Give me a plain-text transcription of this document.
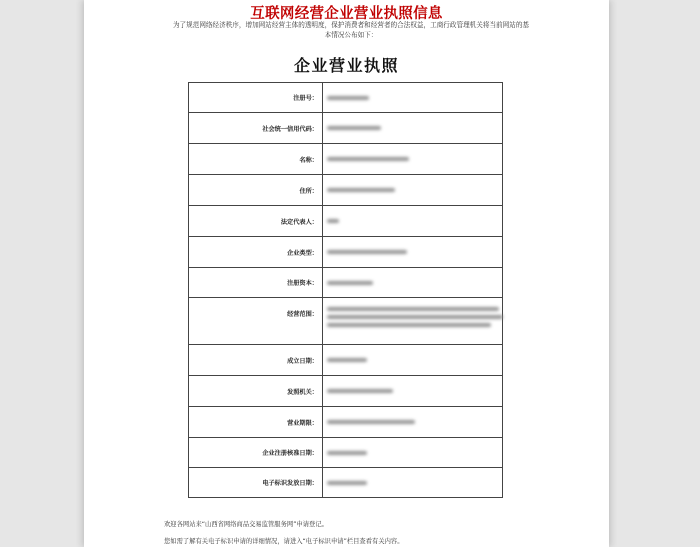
互联网经营企业营业执照信息
为了规范网络经济秩序，增加网站经营主体的透明度，保护消费者和经营者的合法权益，工商行政管理机关将当前网站的基本情况公布如下：
企业营业执照
注册号：	

社会统一信用代码：	

名称：	

住所：	

法定代表人：	

企业类型：	

注册资本：	

经营范围：	

成立日期：	

发照机关：	

营业期限：	

企业注册核准日期：	

电子标识发放日期：	
欢迎各网站来“山西省网络商品交易监管服务网”申请登记。
您如需了解有关电子标识申请的详细情况，请进入“电子标识申请”栏目查看有关内容。
